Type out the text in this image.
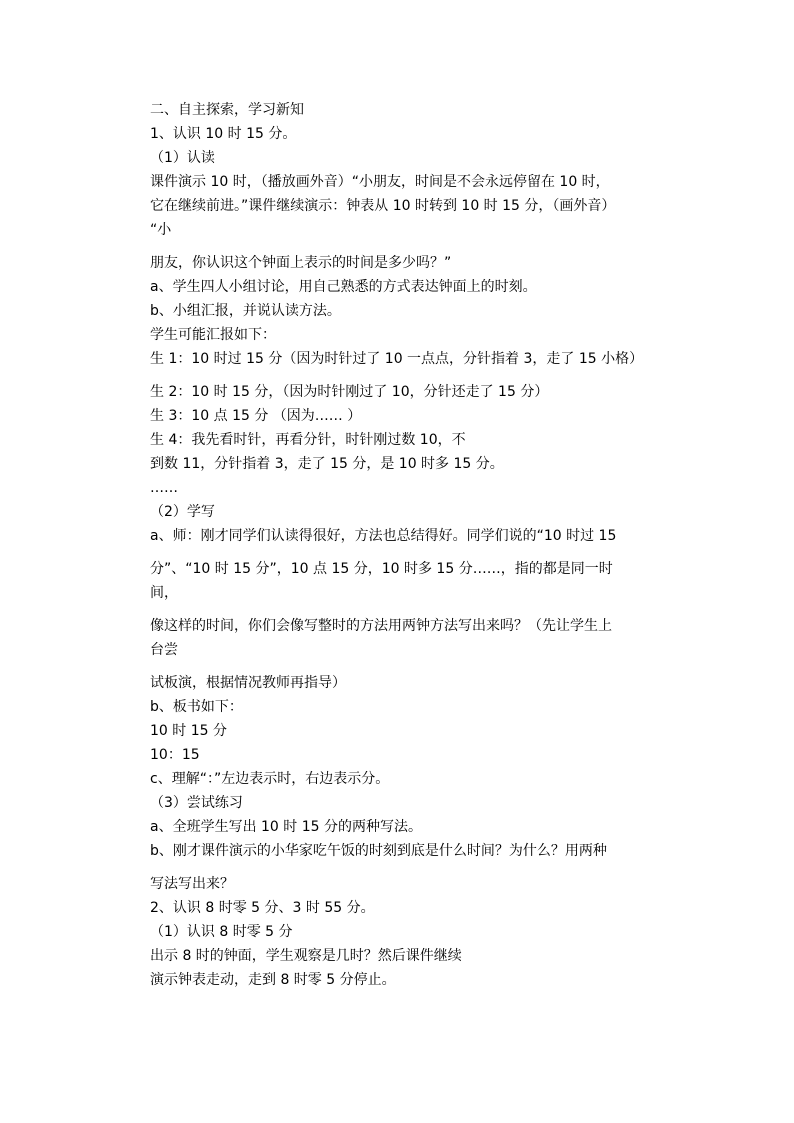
二、自主探索，学习新知
1、认识 10 时 15 分。
（1）认读
课件演示 10 时，（播放画外音）“小朋友，时间是不会永远停留在 10 时，
它在继续前进。”课件继续演示：钟表从 10 时转到 10 时 15 分，（画外音）
“小
朋友，你认识这个钟面上表示的时间是多少吗？”
a、学生四人小组讨论，用自己熟悉的方式表达钟面上的时刻。
b、小组汇报，并说认读方法。
学生可能汇报如下：
生 1：10 时过 15 分（因为时针过了 10 一点点，分针指着 3，走了 15 小格）
生 2：10 时 15 分，（因为时针刚过了 10，分针还走了 15 分）
生 3：10 点 15 分 （因为…… ）
生 4：我先看时针，再看分针，时针刚过数 10，不
到数 11，分针指着 3，走了 15 分，是 10 时多 15 分。
……
（2）学写
a、师：刚才同学们认读得很好，方法也总结得好。同学们说的“10 时过 15
分”、“10 时 15 分”，10 点 15 分，10 时多 15 分……，指的都是同一时
间，
像这样的时间，你们会像写整时的方法用两钟方法写出来吗？（先让学生上
台尝
试板演，根据情况教师再指导）
b、板书如下：
10 时 15 分
10：15
c、理解“：”左边表示时，右边表示分。
（3）尝试练习
a、全班学生写出 10 时 15 分的两种写法。
b、刚才课件演示的小华家吃午饭的时刻到底是什么时间？为什么？用两种
写法写出来？
2、认识 8 时零 5 分、3 时 55 分。
（1）认识 8 时零 5 分
出示 8 时的钟面，学生观察是几时？然后课件继续
演示钟表走动，走到 8 时零 5 分停止。
